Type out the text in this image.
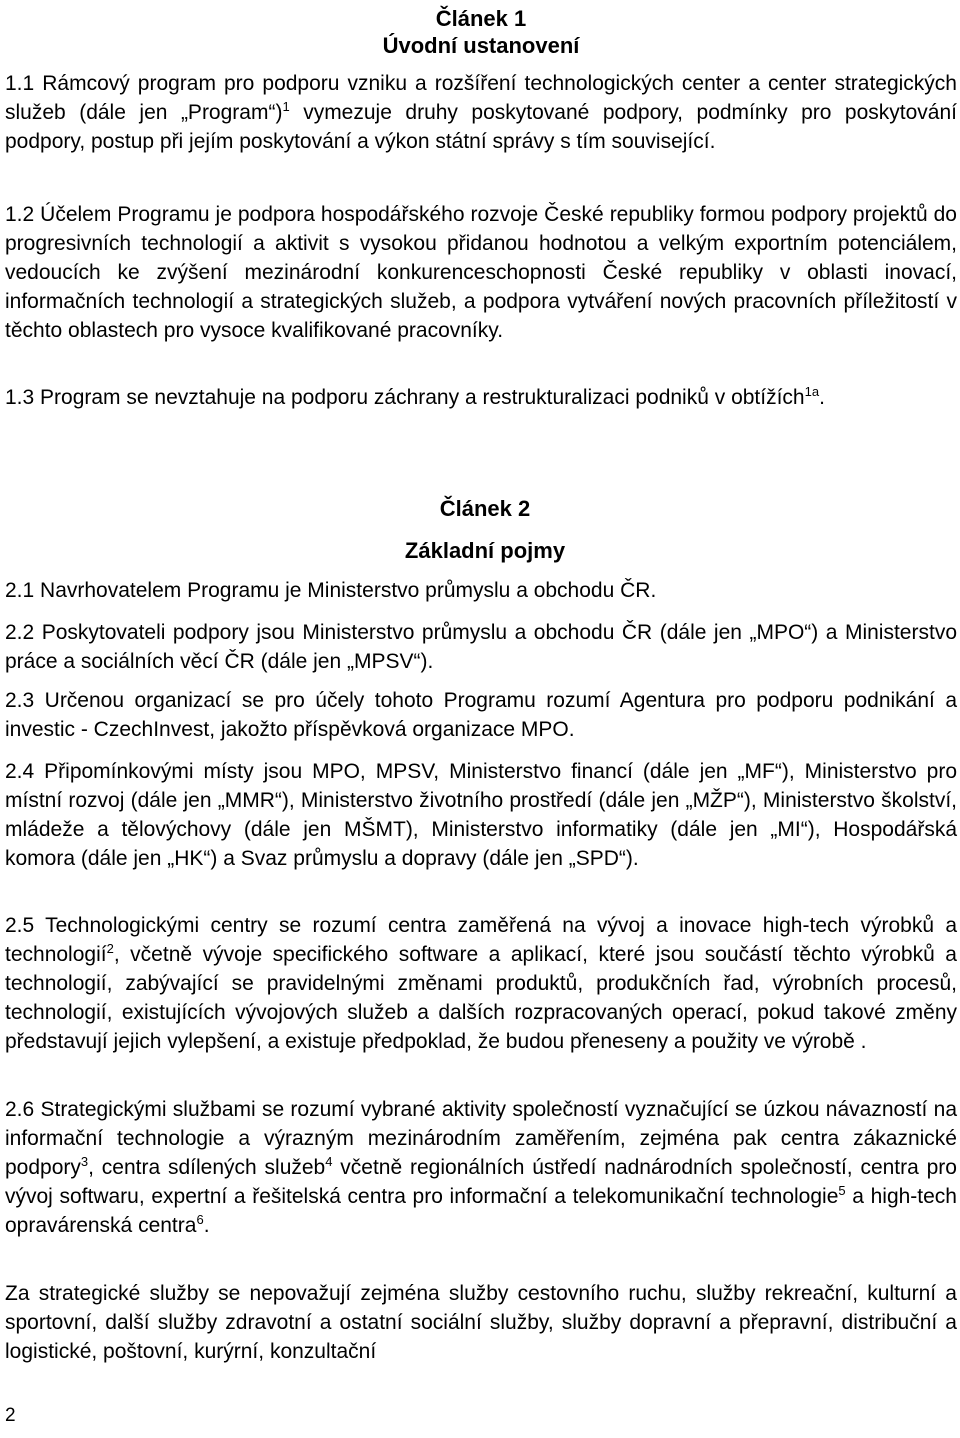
Článek 1

Úvodní ustanovení

1.1 Rámcový program pro podporu vzniku a rozšíření technologických center a center strategických služeb (dále jen „Program“)$^1$ vymezuje druhy poskytované podpory, podmínky pro poskytování podpory, postup při jejím poskytování a výkon státní správy s tím související.

1.2 Účelem Programu je podpora hospodářského rozvoje České republiky formou podpory projektů do progresivních technologií a aktivit s vysokou přidanou hodnotou a velkým exportním potenciálem, vedoucích ke zvýšení mezinárodní konkurenceschopnosti České republiky v oblasti inovací, informačních technologií a strategických služeb, a podpora vytváření nových pracovních příležitostí v těchto oblastech pro vysoce kvalifikované pracovníky.

1.3 Program se nevztahuje na podporu záchrany a restrukturalizaci podniků v obtížích$^{1a}$.

Článek 2

Základní pojmy

2.1 Navrhovatelem Programu je Ministerstvo průmyslu a obchodu ČR.

2.2 Poskytovateli podpory jsou Ministerstvo průmyslu a obchodu ČR (dále jen „MPO“) a Ministerstvo práce a sociálních věcí ČR (dále jen „MPSV“).

2.3 Určenou organizací se pro účely tohoto Programu rozumí Agentura pro podporu podnikání a investic - CzechInvest, jakožto příspěvková organizace MPO.

2.4 Připomínkovými místy jsou MPO, MPSV, Ministerstvo financí (dále jen „MF“), Ministerstvo pro místní rozvoj (dále jen „MMR“), Ministerstvo životního prostředí (dále jen „MŽP“), Ministerstvo školství, mládeže a tělovýchovy (dále jen MŠMT), Ministerstvo informatiky (dále jen „MI“), Hospodářská komora (dále jen „HK“) a Svaz průmyslu a dopravy (dále jen „SPD“).

2.5 Technologickými centry se rozumí centra zaměřená na vývoj a inovace high-tech výrobků a technologií$^2$, včetně vývoje specifického software a aplikací, které jsou součástí těchto výrobků a technologií, zabývající se pravidelnými změnami produktů, produkčních řad, výrobních procesů, technologií, existujících vývojových služeb a dalších rozpracovaných operací, pokud takové změny představují jejich vylepšení, a existuje předpoklad, že budou přeneseny a použity ve výrobě .

2.6 Strategickými službami se rozumí vybrané aktivity společností vyznačující se úzkou návazností na informační technologie a výrazným mezinárodním zaměřením, zejména pak centra zákaznické podpory$^3$, centra sdílených služeb$^4$ včetně regionálních ústředí nadnárodních společností, centra pro vývoj softwaru, expertní a řešitelská centra pro informační a telekomunikační technologie$^5$ a high-tech opravárenská centra$^6$.

Za strategické služby se nepovažují zejména služby cestovního ruchu, služby rekreační, kulturní a sportovní, další služby zdravotní a ostatní sociální služby, služby dopravní a přepravní, distribuční a logistické, poštovní, kurýrní, konzultační

2
